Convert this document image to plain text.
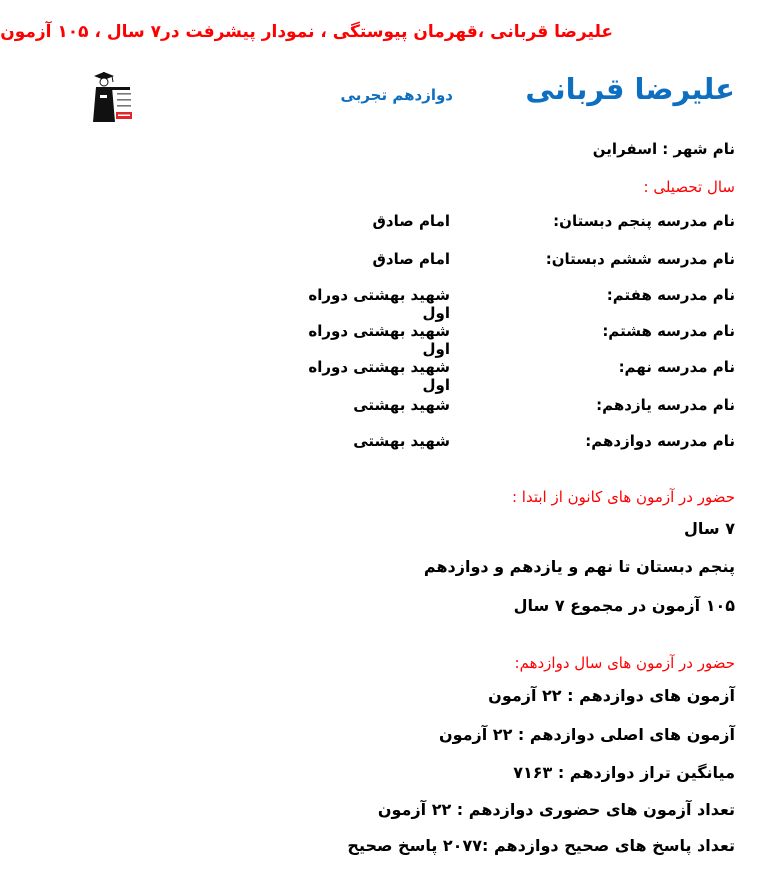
علیرضا قربانی ،قهرمان پیوستگی ، نمودار پیشرفت در۷ سال ، ۱۰۵ آزمون
علیرضا قربانی
دوازدهم تجربی
نام شهر : اسفراین
سال تحصیلی :
نام مدرسه پنجم دبستان:
امام صادق
نام مدرسه ششم دبستان:
امام صادق
نام مدرسه هفتم:
شهید بهشتی دوراه اول
نام مدرسه هشتم:
شهید بهشتی دوراه اول
نام مدرسه نهم:
شهید بهشتی دوراه اول
نام مدرسه یازدهم:
شهید بهشتی
نام مدرسه دوازدهم:
شهید بهشتی
حضور در آزمون های کانون از ابتدا :
۷ سال
پنجم دبستان تا نهم و یازدهم و دوازدهم
۱۰۵ آزمون در مجموع ۷ سال
حضور در آزمون های سال دوازدهم:
آزمون های دوازدهم : ۲۲ آزمون
آزمون های اصلی دوازدهم : ۲۲ آزمون
میانگین تراز دوازدهم : ۷۱۶۳
تعداد آزمون های حضوری دوازدهم : ۲۲ آزمون
تعداد پاسخ های صحیح دوازدهم :۲۰۷۷ پاسخ صحیح
